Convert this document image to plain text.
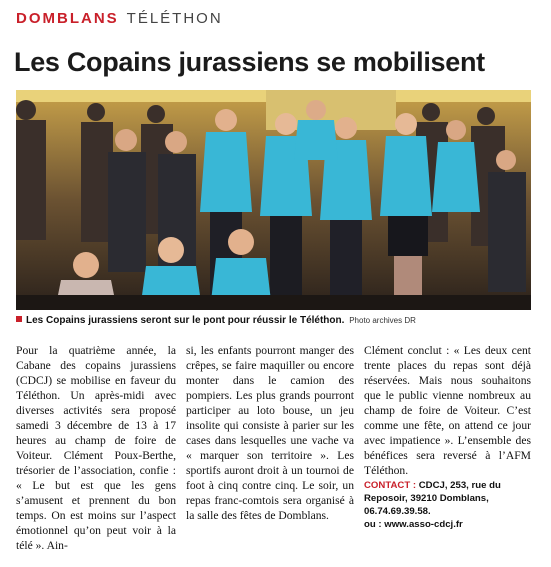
DOMBLANS TÉLÉTHON
Les Copains jurassiens se mobilisent
Les Copains jurassiens seront sur le pont pour réussir le Téléthon. Photo archives DR

Pour la quatrième année, la Cabane des copains jurassiens (CDCJ) se mobilise en faveur du Téléthon. Un après-midi avec diverses activités sera proposé samedi 3 décembre de 13 à 17 heures au champ de foire de Voiteur. Clément Poux-Berthe, trésorier de l’association, confie : « Le but est que les gens s’amusent et prennent du bon temps. On est moins sur l’aspect émotionnel qu’on peut voir à la télé ». Ain-

si, les enfants pourront manger des crêpes, se faire maquiller ou encore monter dans le camion des pompiers. Les plus grands pourront participer au loto bouse, un jeu insolite qui consiste à parier sur les cases dans lesquelles une vache va « marquer son territoire ». Les sportifs auront droit à un tournoi de foot à cinq contre cinq. Le soir, un repas franc-comtois sera organisé à la salle des fêtes de Domblans.

Clément conclut : « Les deux cent trente places du repas sont déjà réservées. Mais nous souhaitons que le public vienne nombreux au champ de foire de Voiteur. C’est comme une fête, on attend ce jour avec impatience ». L’ensemble des bénéfices sera reversé à l’AFM Téléthon.

CONTACT : CDCJ, 253, rue du Reposoir, 39210 Domblans, 06.74.69.39.58.
ou : www.asso-cdcj.fr
